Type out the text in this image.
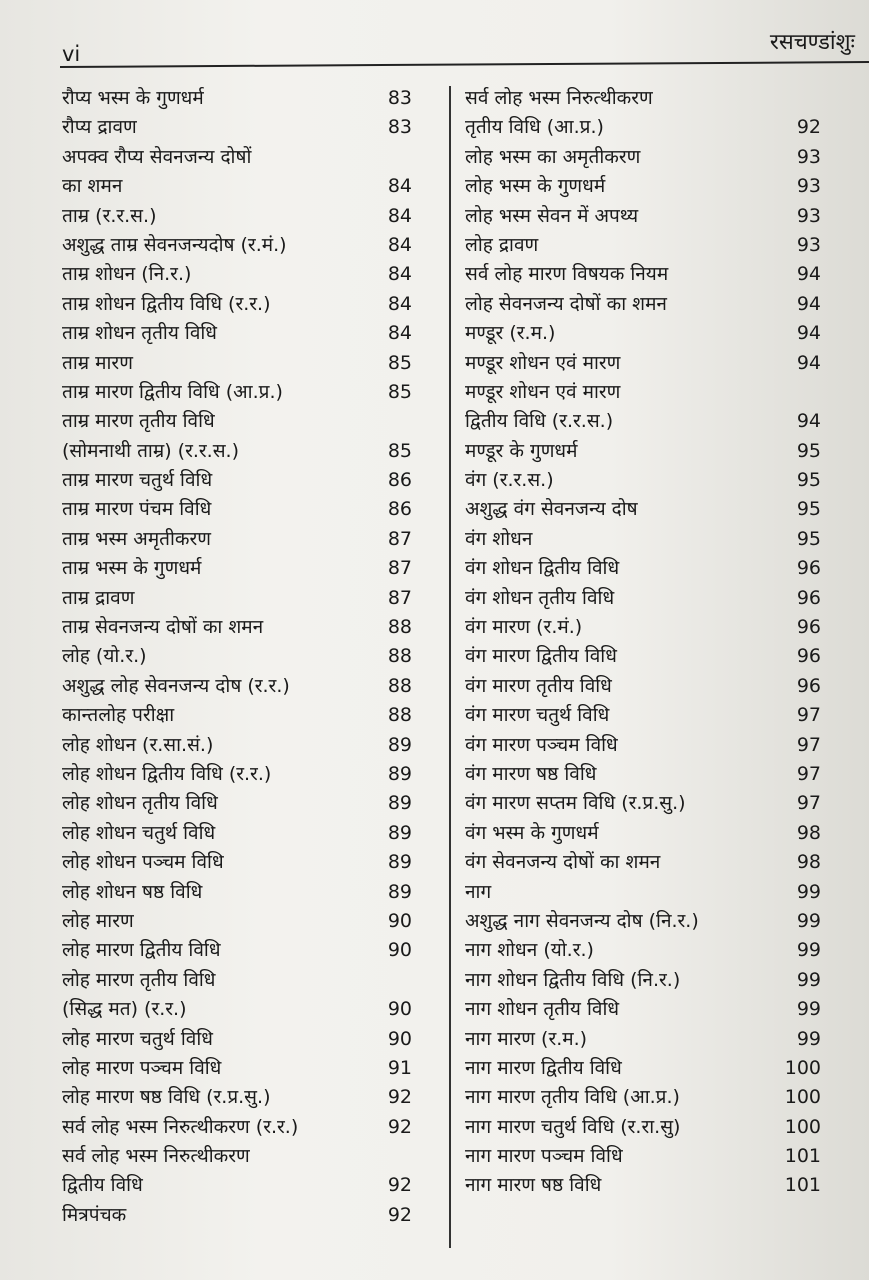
vi	रसचण्डांशुः
रौप्य भस्म के गुणधर्म	83
रौप्य द्रावण	83
अपक्व रौप्य सेवनजन्य दोषों
का शमन	84
ताम्र (र.र.स.)	84
अशुद्ध ताम्र सेवनजन्यदोष (र.मं.)	84
ताम्र शोधन (नि.र.)	84
ताम्र शोधन द्वितीय विधि (र.र.)	84
ताम्र शोधन तृतीय विधि	84
ताम्र मारण	85
ताम्र मारण द्वितीय विधि (आ.प्र.)	85
ताम्र मारण तृतीय विधि
(सोमनाथी ताम्र) (र.र.स.)	85
ताम्र मारण चतुर्थ विधि	86
ताम्र मारण पंचम विधि	86
ताम्र भस्म अमृतीकरण	87
ताम्र भस्म के गुणधर्म	87
ताम्र द्रावण	87
ताम्र सेवनजन्य दोषों का शमन	88
लोह (यो.र.)	88
अशुद्ध लोह सेवनजन्य दोष (र.र.)	88
कान्तलोह परीक्षा	88
लोह शोधन (र.सा.सं.)	89
लोह शोधन द्वितीय विधि (र.र.)	89
लोह शोधन तृतीय विधि	89
लोह शोधन चतुर्थ विधि	89
लोह शोधन पञ्चम विधि	89
लोह शोधन षष्ठ विधि	89
लोह मारण	90
लोह मारण द्वितीय विधि	90
लोह मारण तृतीय विधि
(सिद्ध मत) (र.र.)	90
लोह मारण चतुर्थ विधि	90
लोह मारण पञ्चम विधि	91
लोह मारण षष्ठ विधि (र.प्र.सु.)	92
सर्व लोह भस्म निरुत्थीकरण (र.र.)	92
सर्व लोह भस्म निरुत्थीकरण
द्वितीय विधि	92
मित्रपंचक	92
सर्व लोह भस्म निरुत्थीकरण
तृतीय विधि (आ.प्र.)	92
लोह भस्म का अमृतीकरण	93
लोह भस्म के गुणधर्म	93
लोह भस्म सेवन में अपथ्य	93
लोह द्रावण	93
सर्व लोह मारण विषयक नियम	94
लोह सेवनजन्य दोषों का शमन	94
मण्डूर (र.म.)	94
मण्डूर शोधन एवं मारण	94
मण्डूर शोधन एवं मारण
द्वितीय विधि (र.र.स.)	94
मण्डूर के गुणधर्म	95
वंग (र.र.स.)	95
अशुद्ध वंग सेवनजन्य दोष	95
वंग शोधन	95
वंग शोधन द्वितीय विधि	96
वंग शोधन तृतीय विधि	96
वंग मारण (र.मं.)	96
वंग मारण द्वितीय विधि	96
वंग मारण तृतीय विधि	96
वंग मारण चतुर्थ विधि	97
वंग मारण पञ्चम विधि	97
वंग मारण षष्ठ विधि	97
वंग मारण सप्तम विधि (र.प्र.सु.)	97
वंग भस्म के गुणधर्म	98
वंग सेवनजन्य दोषों का शमन	98
नाग	99
अशुद्ध नाग सेवनजन्य दोष (नि.र.)	99
नाग शोधन (यो.र.)	99
नाग शोधन द्वितीय विधि (नि.र.)	99
नाग शोधन तृतीय विधि	99
नाग मारण (र.म.)	99
नाग मारण द्वितीय विधि	100
नाग मारण तृतीय विधि (आ.प्र.)	100
नाग मारण चतुर्थ विधि (र.रा.सु)	100
नाग मारण पञ्चम विधि	101
नाग मारण षष्ठ विधि	101
